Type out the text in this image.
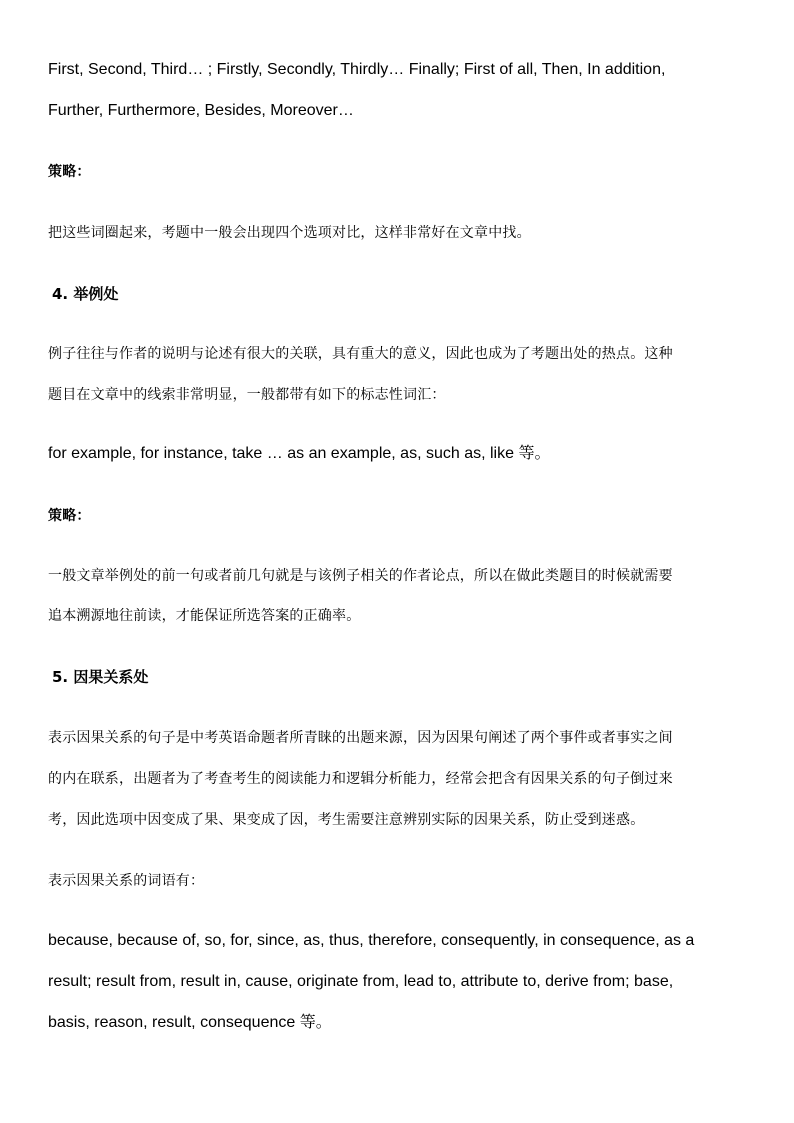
First, Second, Third… ; Firstly, Secondly, Thirdly… Finally; First of all, Then, In addition,
Further, Furthermore, Besides, Moreover…
策略：
把这些词圈起来，考题中一般会出现四个选项对比，这样非常好在文章中找。
4. 举例处
例子往往与作者的说明与论述有很大的关联，具有重大的意义，因此也成为了考题出处的热点。这种
题目在文章中的线索非常明显，一般都带有如下的标志性词汇：
for example, for instance, take … as an example, as, such as, like 等。
策略：
一般文章举例处的前一句或者前几句就是与该例子相关的作者论点，所以在做此类题目的时候就需要
追本溯源地往前读，才能保证所选答案的正确率。
5. 因果关系处
表示因果关系的句子是中考英语命题者所青睐的出题来源，因为因果句阐述了两个事件或者事实之间
的内在联系，出题者为了考查考生的阅读能力和逻辑分析能力，经常会把含有因果关系的句子倒过来
考，因此选项中因变成了果、果变成了因，考生需要注意辨别实际的因果关系，防止受到迷惑。
表示因果关系的词语有：
because, because of, so, for, since, as, thus, therefore, consequently, in consequence, as a
result; result from, result in, cause, originate from, lead to, attribute to, derive from; base,
basis, reason, result, consequence 等。
